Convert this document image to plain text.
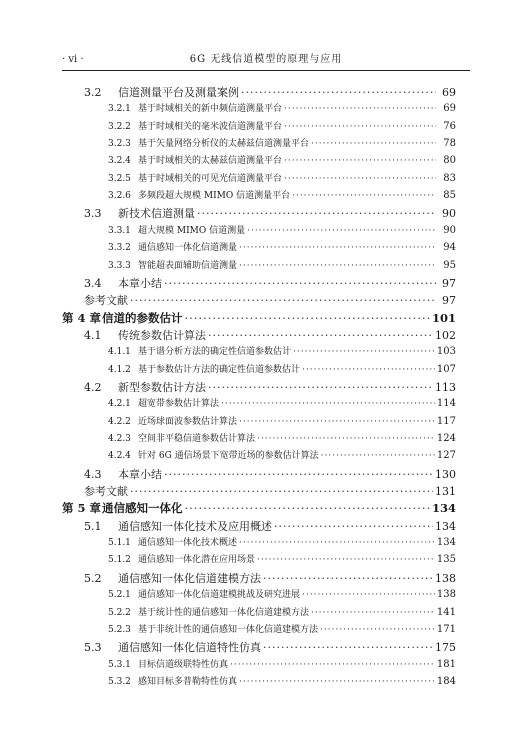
· vi ·	6G 无线信道模型的原理与应用
3.2	信道测量平台及测量案例 ·····	69
3.2.1 基于时域相关的新中频信道测量平台 ·····	69
3.2.2 基于时域相关的毫米波信道测量平台 ·····	76
3.2.3 基于矢量网络分析仪的太赫兹信道测量平台 ·····	78
3.2.4 基于时域相关的太赫兹信道测量平台 ·····	80
3.2.5 基于时域相关的可见光信道测量平台 ·····	83
3.2.6 多频段超大规模 MIMO 信道测量平台 ·····	85
3.3	新技术信道测量 ·····	90
3.3.1 超大规模 MIMO 信道测量 ·····	90
3.3.2 通信感知一体化信道测量 ·····	94
3.3.3 智能超表面辅助信道测量 ·····	95
3.4	本章小结 ·····	97
参考文献 ·····	97
第 4 章 信道的参数估计 ·····	101
4.1	传统参数估计算法 ·····	102
4.1.1 基于谱分析方法的确定性信道参数估计 ·····	103
4.1.2 基于参数估计方法的确定性信道参数估计 ·····	107
4.2	新型参数估计方法 ·····	113
4.2.1 超宽带参数估计算法 ·····	114
4.2.2 近场球面波参数估计算法 ·····	117
4.2.3 空间非平稳信道参数估计算法 ·····	124
4.2.4 针对 6G 通信场景下宽带近场的参数估计算法 ·····	127
4.3	本章小结 ·····	130
参考文献 ·····	131
第 5 章 通信感知一体化 ·····	134
5.1	通信感知一体化技术及应用概述 ·····	134
5.1.1 通信感知一体化技术概述 ·····	134
5.1.2 通信感知一体化潜在应用场景 ·····	135
5.2	通信感知一体化信道建模方法 ·····	138
5.2.1 通信感知一体化信道建模挑战及研究进展 ·····	138
5.2.2 基于统计性的通信感知一体化信道建模方法 ·····	141
5.2.3 基于非统计性的通信感知一体化信道建模方法 ·····	171
5.3	通信感知一体化信道特性仿真 ·····	175
5.3.1 目标信道级联特性仿真 ·····	181
5.3.2 感知目标多普勒特性仿真 ·····	184
